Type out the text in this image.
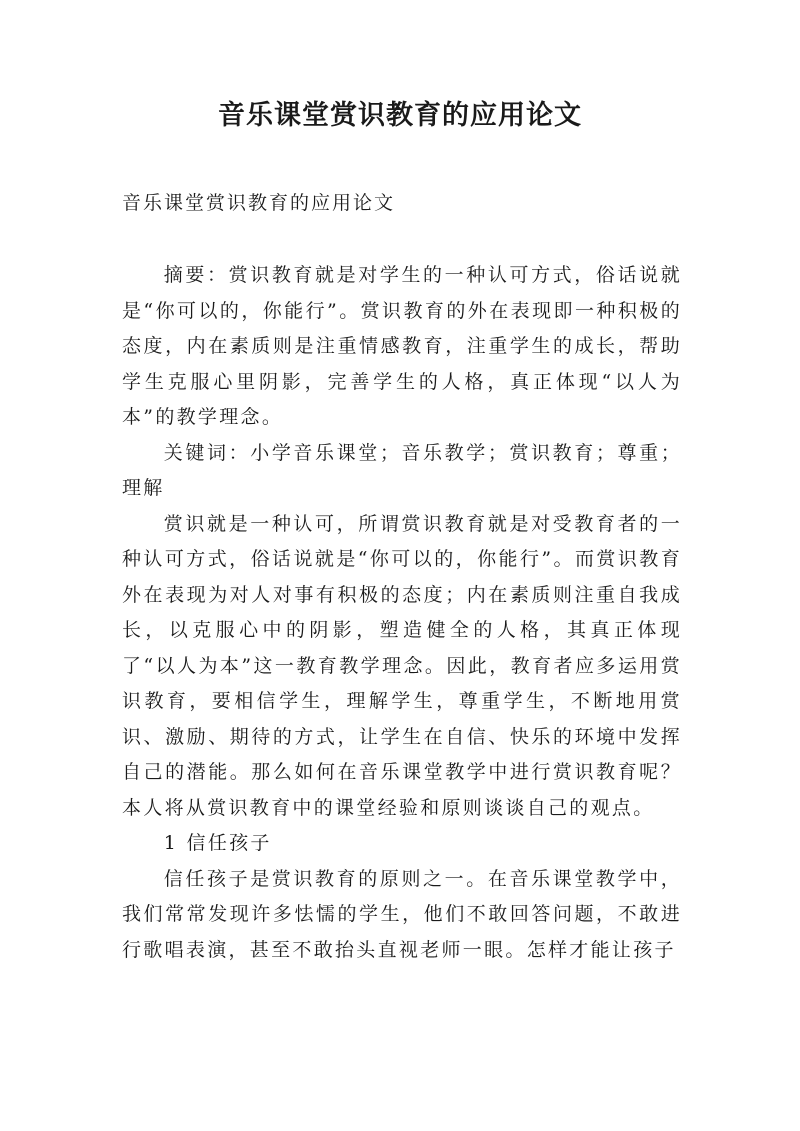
音乐课堂赏识教育的应用论文

音乐课堂赏识教育的应用论文

摘要：赏识教育就是对学生的一种认可方式，俗话说就是“你可以的，你能行”。赏识教育的外在表现即一种积极的态度，内在素质则是注重情感教育，注重学生的成长，帮助学生克服心里阴影，完善学生的人格，真正体现“以人为本”的教学理念。

关键词：小学音乐课堂；音乐教学；赏识教育；尊重；理解

赏识就是一种认可，所谓赏识教育就是对受教育者的一种认可方式，俗话说就是“你可以的，你能行”。而赏识教育外在表现为对人对事有积极的态度；内在素质则注重自我成长，以克服心中的阴影，塑造健全的人格，其真正体现了“以人为本”这一教育教学理念。因此，教育者应多运用赏识教育，要相信学生，理解学生，尊重学生，不断地用赏识、激励、期待的方式，让学生在自信、快乐的环境中发挥自己的潜能。那么如何在音乐课堂教学中进行赏识教育呢？本人将从赏识教育中的课堂经验和原则谈谈自己的观点。

1 信任孩子

信任孩子是赏识教育的原则之一。在音乐课堂教学中，我们常常发现许多怯懦的学生，他们不敢回答问题，不敢进行歌唱表演，甚至不敢抬头直视老师一眼。怎样才能让孩子
